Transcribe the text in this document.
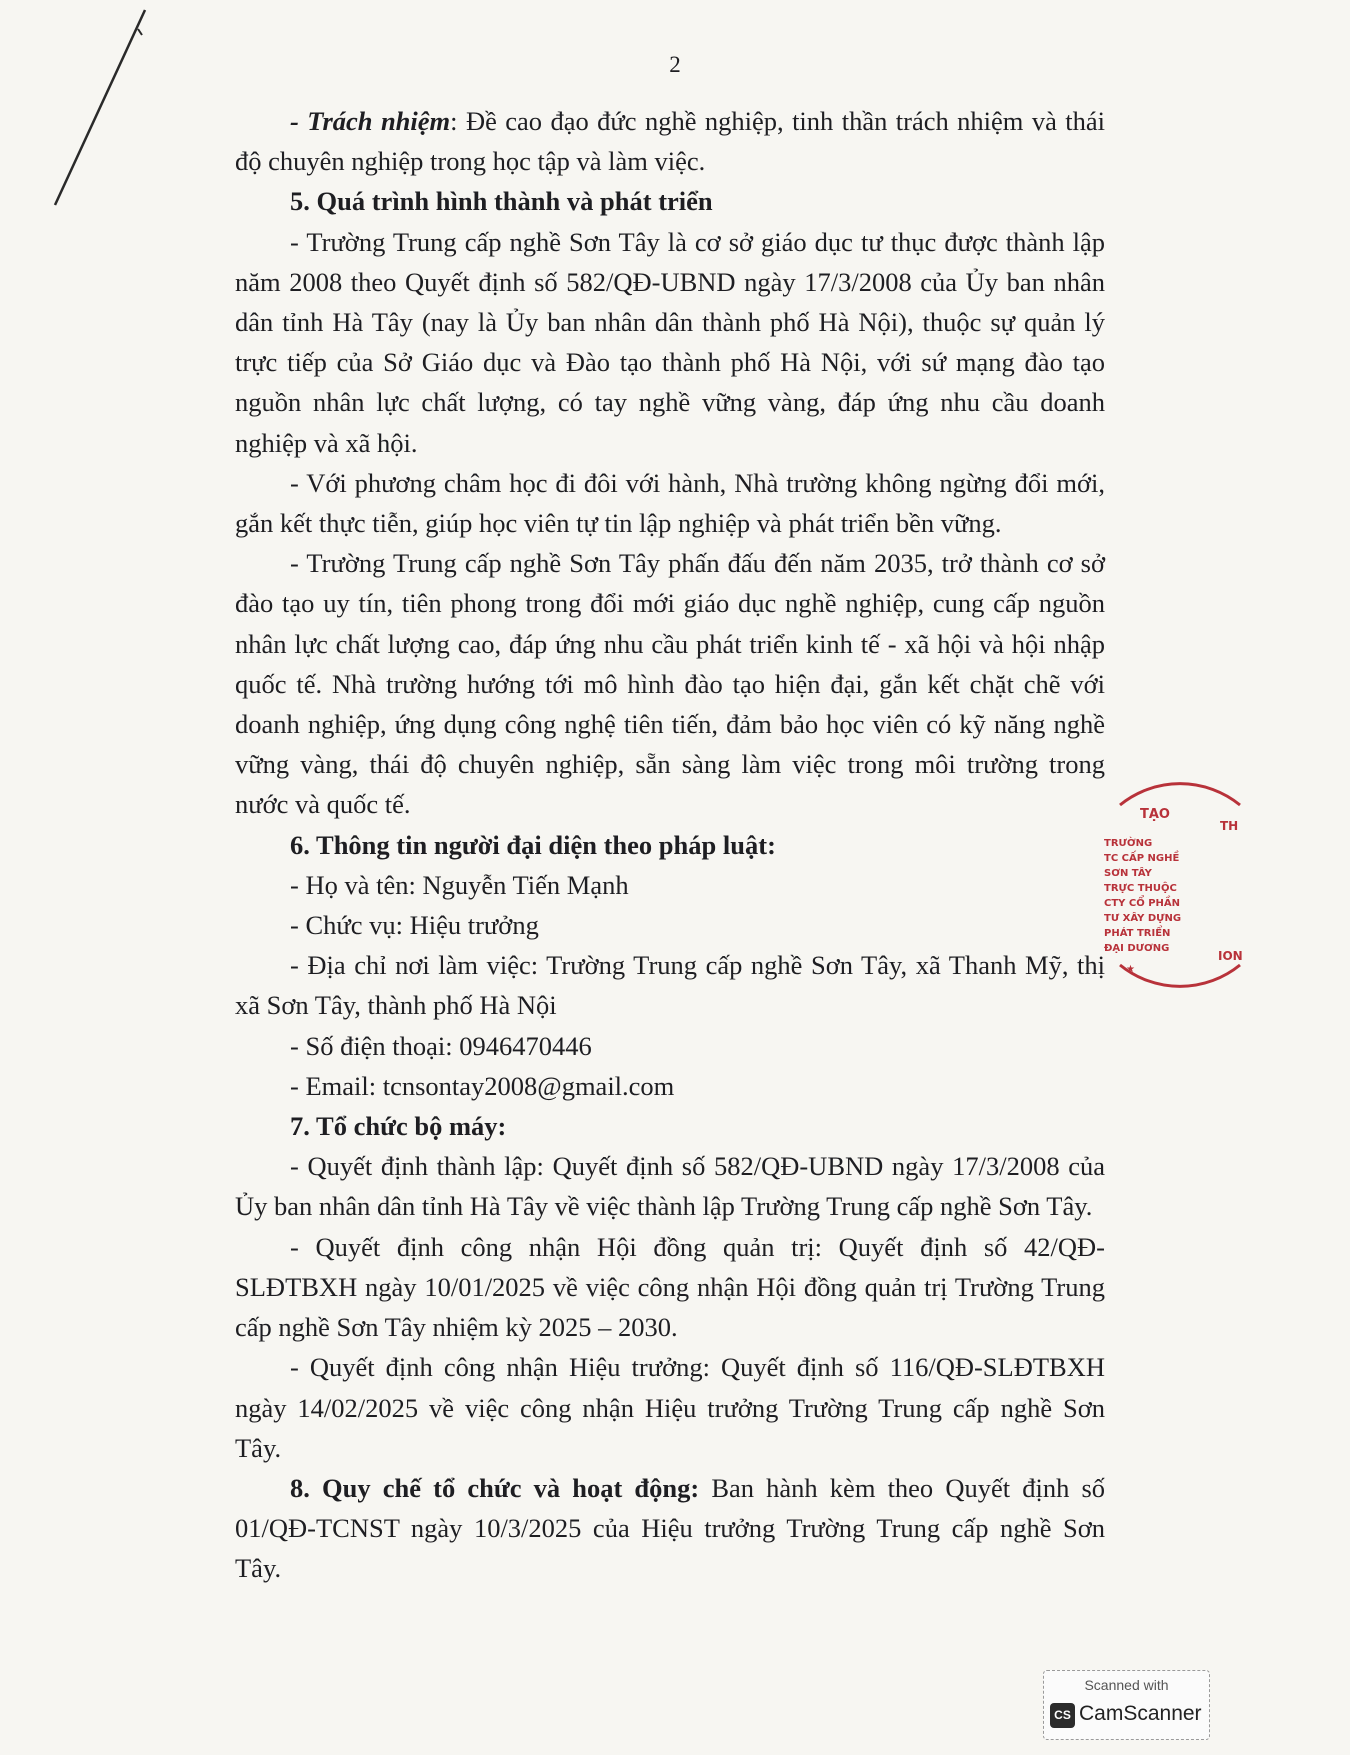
2

- Trách nhiệm: Đề cao đạo đức nghề nghiệp, tinh thần trách nhiệm và thái độ chuyên nghiệp trong học tập và làm việc.

5. Quá trình hình thành và phát triển

- Trường Trung cấp nghề Sơn Tây là cơ sở giáo dục tư thục được thành lập năm 2008 theo Quyết định số 582/QĐ-UBND ngày 17/3/2008 của Ủy ban nhân dân tỉnh Hà Tây (nay là Ủy ban nhân dân thành phố Hà Nội), thuộc sự quản lý trực tiếp của Sở Giáo dục và Đào tạo thành phố Hà Nội, với sứ mạng đào tạo nguồn nhân lực chất lượng, có tay nghề vững vàng, đáp ứng nhu cầu doanh nghiệp và xã hội.

- Với phương châm học đi đôi với hành, Nhà trường không ngừng đổi mới, gắn kết thực tiễn, giúp học viên tự tin lập nghiệp và phát triển bền vững.

- Trường Trung cấp nghề Sơn Tây phấn đấu đến năm 2035, trở thành cơ sở đào tạo uy tín, tiên phong trong đổi mới giáo dục nghề nghiệp, cung cấp nguồn nhân lực chất lượng cao, đáp ứng nhu cầu phát triển kinh tế - xã hội và hội nhập quốc tế. Nhà trường hướng tới mô hình đào tạo hiện đại, gắn kết chặt chẽ với doanh nghiệp, ứng dụng công nghệ tiên tiến, đảm bảo học viên có kỹ năng nghề vững vàng, thái độ chuyên nghiệp, sẵn sàng làm việc trong môi trường trong nước và quốc tế.

6. Thông tin người đại diện theo pháp luật:

- Họ và tên: Nguyễn Tiến Mạnh

- Chức vụ: Hiệu trưởng

- Địa chỉ nơi làm việc: Trường Trung cấp nghề Sơn Tây, xã Thanh Mỹ, thị xã Sơn Tây, thành phố Hà Nội

- Số điện thoại: 0946470446

- Email: tcnsontay2008@gmail.com

7. Tổ chức bộ máy:

- Quyết định thành lập: Quyết định số 582/QĐ-UBND ngày 17/3/2008 của Ủy ban nhân dân tỉnh Hà Tây về việc thành lập Trường Trung cấp nghề Sơn Tây.

- Quyết định công nhận Hội đồng quản trị: Quyết định số 42/QĐ-SLĐTBXH ngày 10/01/2025 về việc công nhận Hội đồng quản trị Trường Trung cấp nghề Sơn Tây nhiệm kỳ 2025 – 2030.

- Quyết định công nhận Hiệu trưởng: Quyết định số 116/QĐ-SLĐTBXH ngày 14/02/2025 về việc công nhận Hiệu trưởng Trường Trung cấp nghề Sơn Tây.

8. Quy chế tổ chức và hoạt động: Ban hành kèm theo Quyết định số 01/QĐ-TCNST ngày 10/3/2025 của Hiệu trưởng Trường Trung cấp nghề Sơn Tây.

TẠO
TH
TRƯỜNG
TC CẤP NGHỀ
SƠN TÂY
TRỰC THUỘC
CTY CỔ PHẦN
TƯ XÂY DỰNG
PHÁT TRIỂN
ĐẠI DƯƠNG
ION
★
Scanned with
CS CamScanner
